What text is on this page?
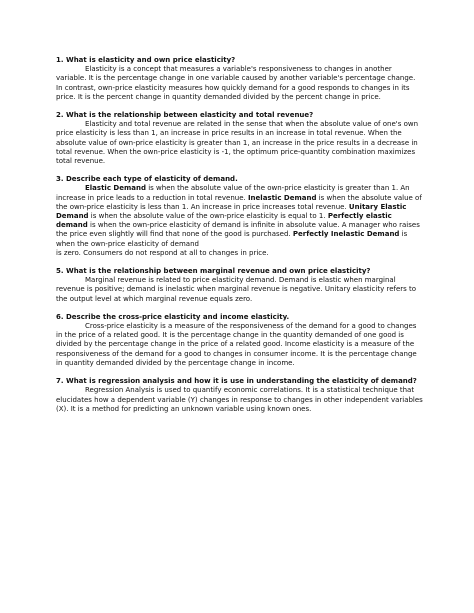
1. What is elasticity and own price elasticity?

Elasticity is a concept that measures a variable's responsiveness to changes in another variable. It is the percentage change in one variable caused by another variable's percentage change. In contrast, own-price elasticity measures how quickly demand for a good responds to changes in its price. It is the percent change in quantity demanded divided by the percent change in price.

2. What is the relationship between elasticity and total revenue?

Elasticity and total revenue are related in the sense that when the absolute value of one's own price elasticity is less than 1, an increase in price results in an increase in total revenue. When the absolute value of own-price elasticity is greater than 1, an increase in the price results in a decrease in total revenue. When the own-price elasticity is -1, the optimum price-quantity combination maximizes total revenue.

3. Describe each type of elasticity of demand.

Elastic Demand is when the absolute value of the own-price elasticity is greater than 1. An increase in price leads to a reduction in total revenue. Inelastic Demand is when the absolute value of the own-price elasticity is less than 1. An increase in price increases total revenue. Unitary Elastic Demand is when the absolute value of the own-price elasticity is equal to 1. Perfectly elastic demand is when the own-price elasticity of demand is infinite in absolute value. A manager who raises the price even slightly will find that none of the good is purchased. Perfectly Inelastic Demand is when the own-price elasticity of demand

is zero. Consumers do not respond at all to changes in price.

5. What is the relationship between marginal revenue and own price elasticity?

Marginal revenue is related to price elasticity demand. Demand is elastic when marginal revenue is positive; demand is inelastic when marginal revenue is negative. Unitary elasticity refers to the output level at which marginal revenue equals zero.

6. Describe the cross-price elasticity and income elasticity.

Cross-price elasticity is a measure of the responsiveness of the demand for a good to changes in the price of a related good. It is the percentage change in the quantity demanded of one good is divided by the percentage change in the price of a related good. Income elasticity is a measure of the responsiveness of the demand for a good to changes in consumer income. It is the percentage change in quantity demanded divided by the percentage change in income.

7. What is regression analysis and how it is use in understanding the elasticity of demand?

Regression Analysis is used to quantify economic correlations. It is a statistical technique that elucidates how a dependent variable (Y) changes in response to changes in other independent variables (X). It is a method for predicting an unknown variable using known ones.
